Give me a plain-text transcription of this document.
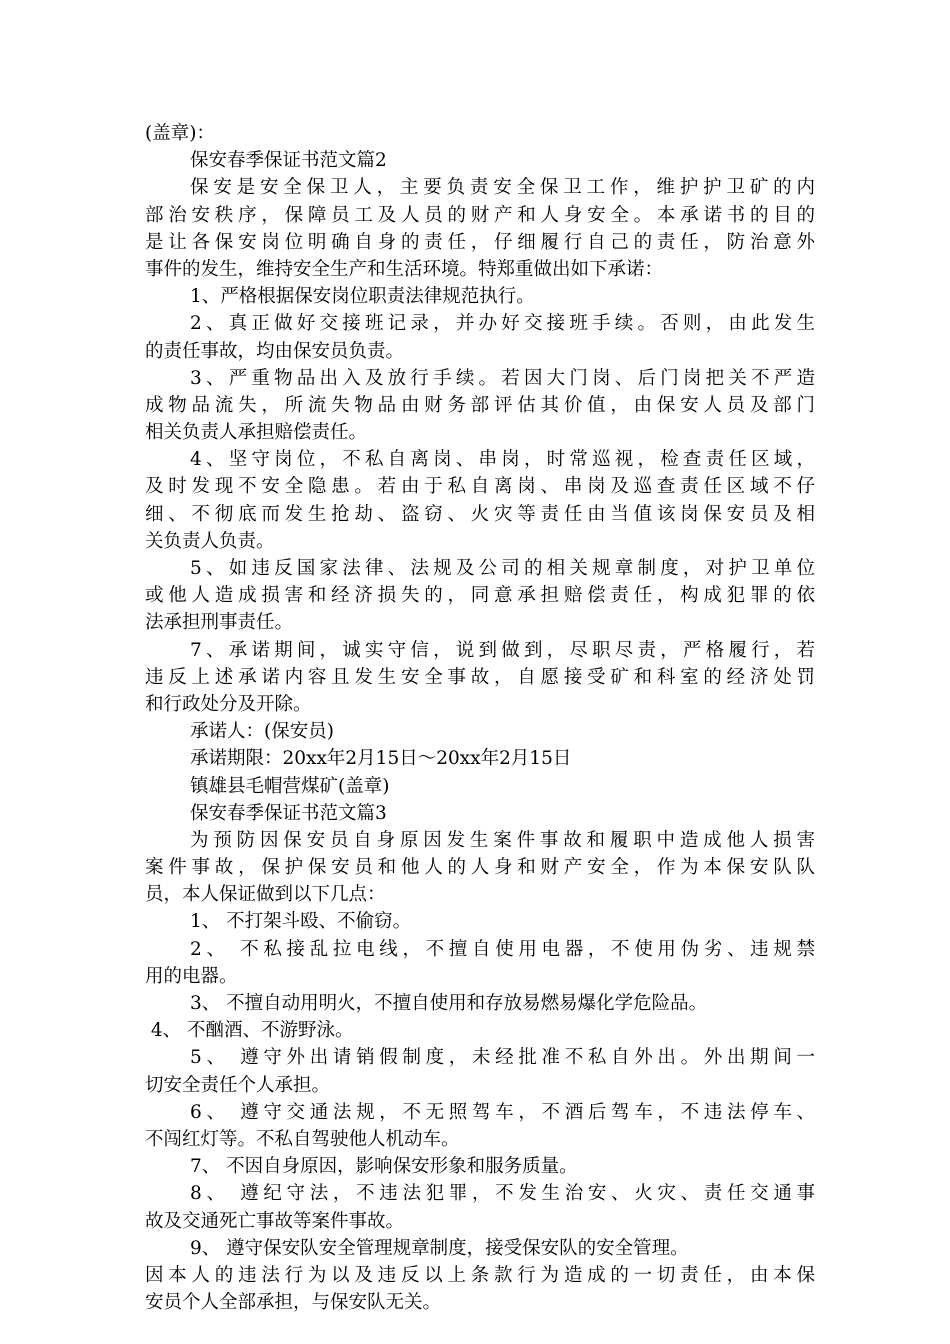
(盖章)：
保安春季保证书范文篇2
保安是安全保卫人，主要负责安全保卫工作，维护护卫矿的内
部治安秩序，保障员工及人员的财产和人身安全。本承诺书的目的
是让各保安岗位明确自身的责任，仔细履行自己的责任，防治意外
事件的发生，维持安全生产和生活环境。特郑重做出如下承诺：
1、严格根据保安岗位职责法律规范执行。
2、真正做好交接班记录，并办好交接班手续。否则，由此发生
的责任事故，均由保安员负责。
3、严重物品出入及放行手续。若因大门岗、后门岗把关不严造
成物品流失，所流失物品由财务部评估其价值，由保安人员及部门
相关负责人承担赔偿责任。
4、坚守岗位，不私自离岗、串岗，时常巡视，检查责任区域，
及时发现不安全隐患。若由于私自离岗、串岗及巡查责任区域不仔
细、不彻底而发生抢劫、盗窃、火灾等责任由当值该岗保安员及相
关负责人负责。
5、如违反国家法律、法规及公司的相关规章制度，对护卫单位
或他人造成损害和经济损失的，同意承担赔偿责任，构成犯罪的依
法承担刑事责任。
7、承诺期间，诚实守信，说到做到，尽职尽责，严格履行，若
违反上述承诺内容且发生安全事故，自愿接受矿和科室的经济处罚
和行政处分及开除。
承诺人：(保安员)
承诺期限：20xx年2月15日～20xx年2月15日
镇雄县毛帽营煤矿(盖章)
保安春季保证书范文篇3
为预防因保安员自身原因发生案件事故和履职中造成他人损害
案件事故，保护保安员和他人的人身和财产安全，作为本保安队队
员，本人保证做到以下几点：
1、 不打架斗殴、不偷窃。
2、 不私接乱拉电线，不擅自使用电器，不使用伪劣、违规禁
用的电器。
3、 不擅自动用明火，不擅自使用和存放易燃易爆化学危险品。
4、 不酗酒、不游野泳。
5、 遵守外出请销假制度，未经批准不私自外出。外出期间一
切安全责任个人承担。
6、 遵守交通法规，不无照驾车，不酒后驾车，不违法停车、
不闯红灯等。不私自驾驶他人机动车。
7、 不因自身原因，影响保安形象和服务质量。
8、 遵纪守法，不违法犯罪，不发生治安、火灾、责任交通事
故及交通死亡事故等案件事故。
9、 遵守保安队安全管理规章制度，接受保安队的安全管理。
因本人的违法行为以及违反以上条款行为造成的一切责任，由本保
安员个人全部承担，与保安队无关。
